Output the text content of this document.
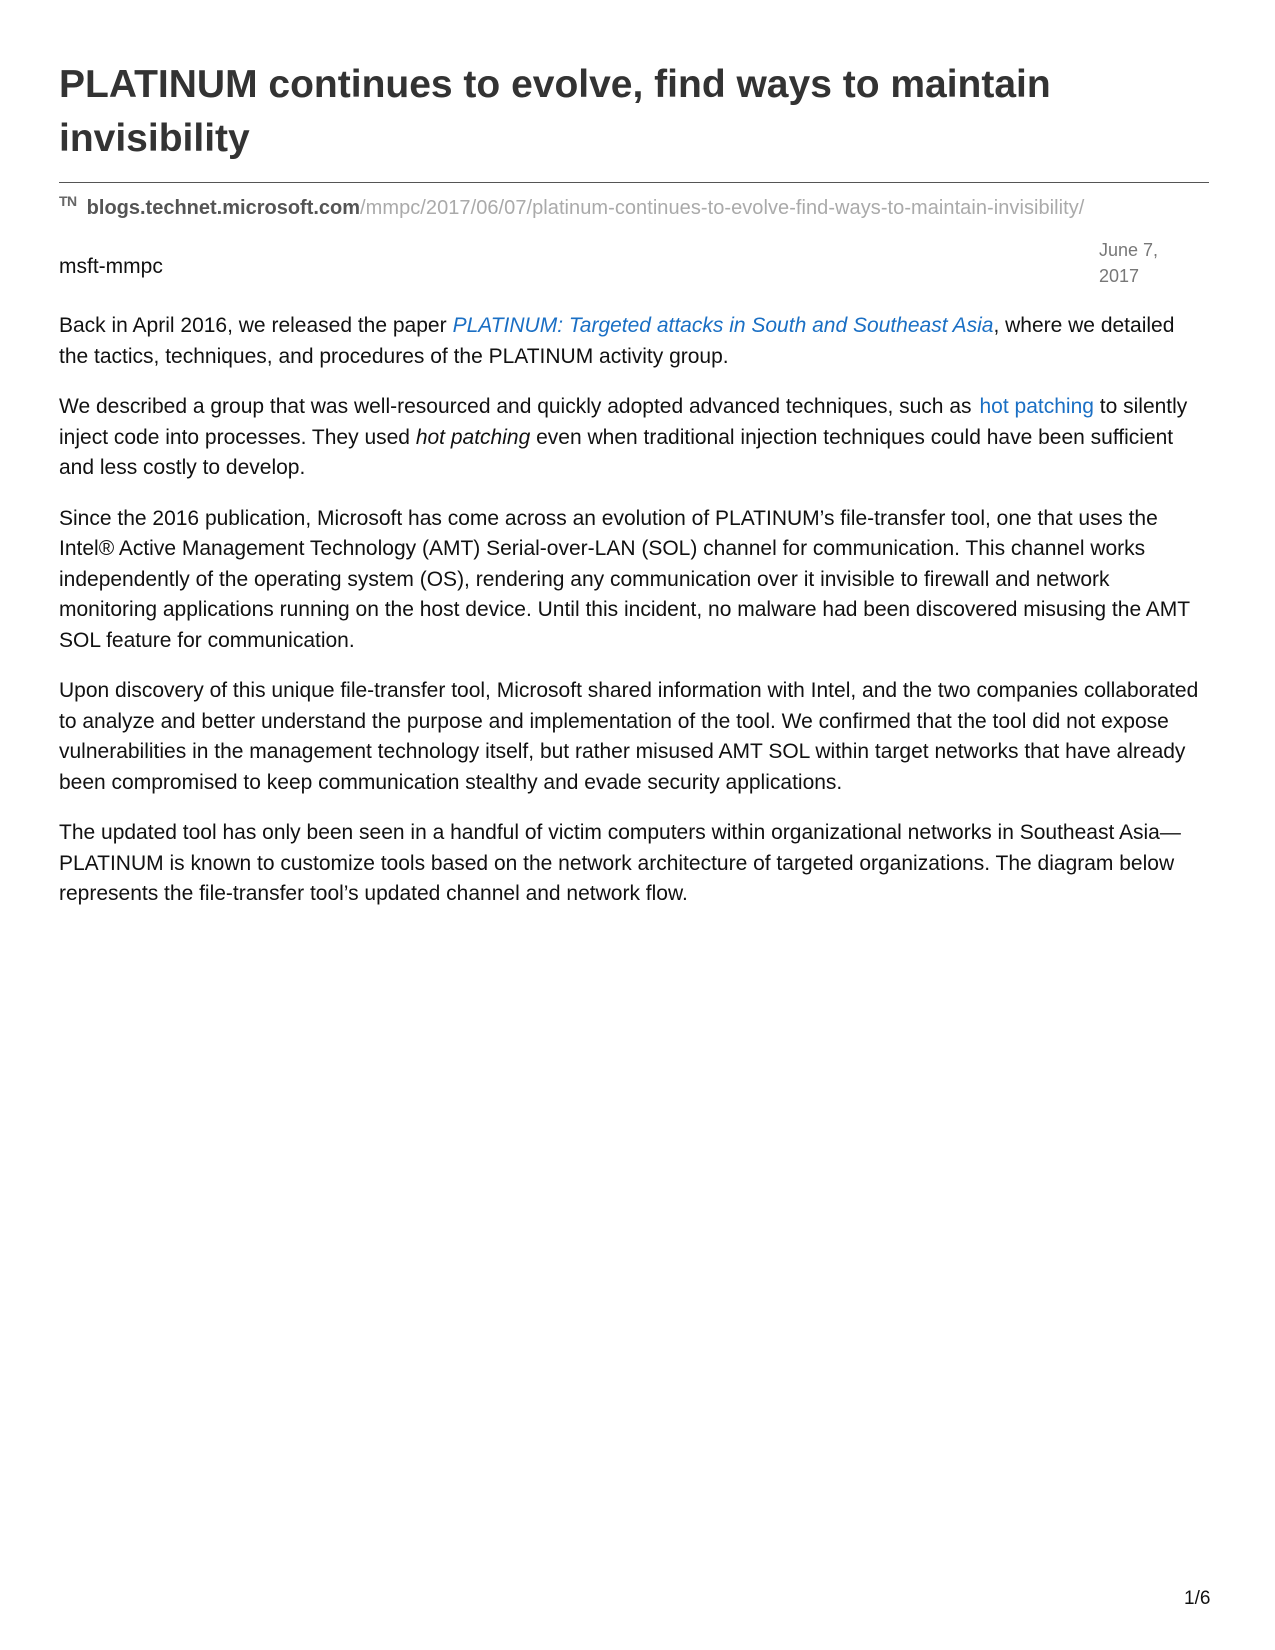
PLATINUM continues to evolve, find ways to maintain invisibility
TN blogs.technet.microsoft.com /mmpc/2017/06/07/platinum-continues-to-evolve-find-ways-to-maintain-invisibility/
msft-mmpc
June 7, 2017

Back in April 2016, we released the paper PLATINUM: Targeted attacks in South and Southeast Asia, where we detailed the tactics, techniques, and procedures of the PLATINUM activity group.

We described a group that was well-resourced and quickly adopted advanced techniques, such as hot patching to silently inject code into processes. They used hot patching even when traditional injection techniques could have been sufficient and less costly to develop.

Since the 2016 publication, Microsoft has come across an evolution of PLATINUM’s file-transfer tool, one that uses the Intel® Active Management Technology (AMT) Serial-over-LAN (SOL) channel for communication. This channel works independently of the operating system (OS), rendering any communication over it invisible to firewall and network monitoring applications running on the host device. Until this incident, no malware had been discovered misusing the AMT SOL feature for communication.

Upon discovery of this unique file-transfer tool, Microsoft shared information with Intel, and the two companies collaborated to analyze and better understand the purpose and implementation of the tool. We confirmed that the tool did not expose vulnerabilities in the management technology itself, but rather misused AMT SOL within target networks that have already been compromised to keep communication stealthy and evade security applications.

The updated tool has only been seen in a handful of victim computers within organizational networks in Southeast Asia—PLATINUM is known to customize tools based on the network architecture of targeted organizations. The diagram below represents the file-transfer tool’s updated channel and network flow.

1/6
